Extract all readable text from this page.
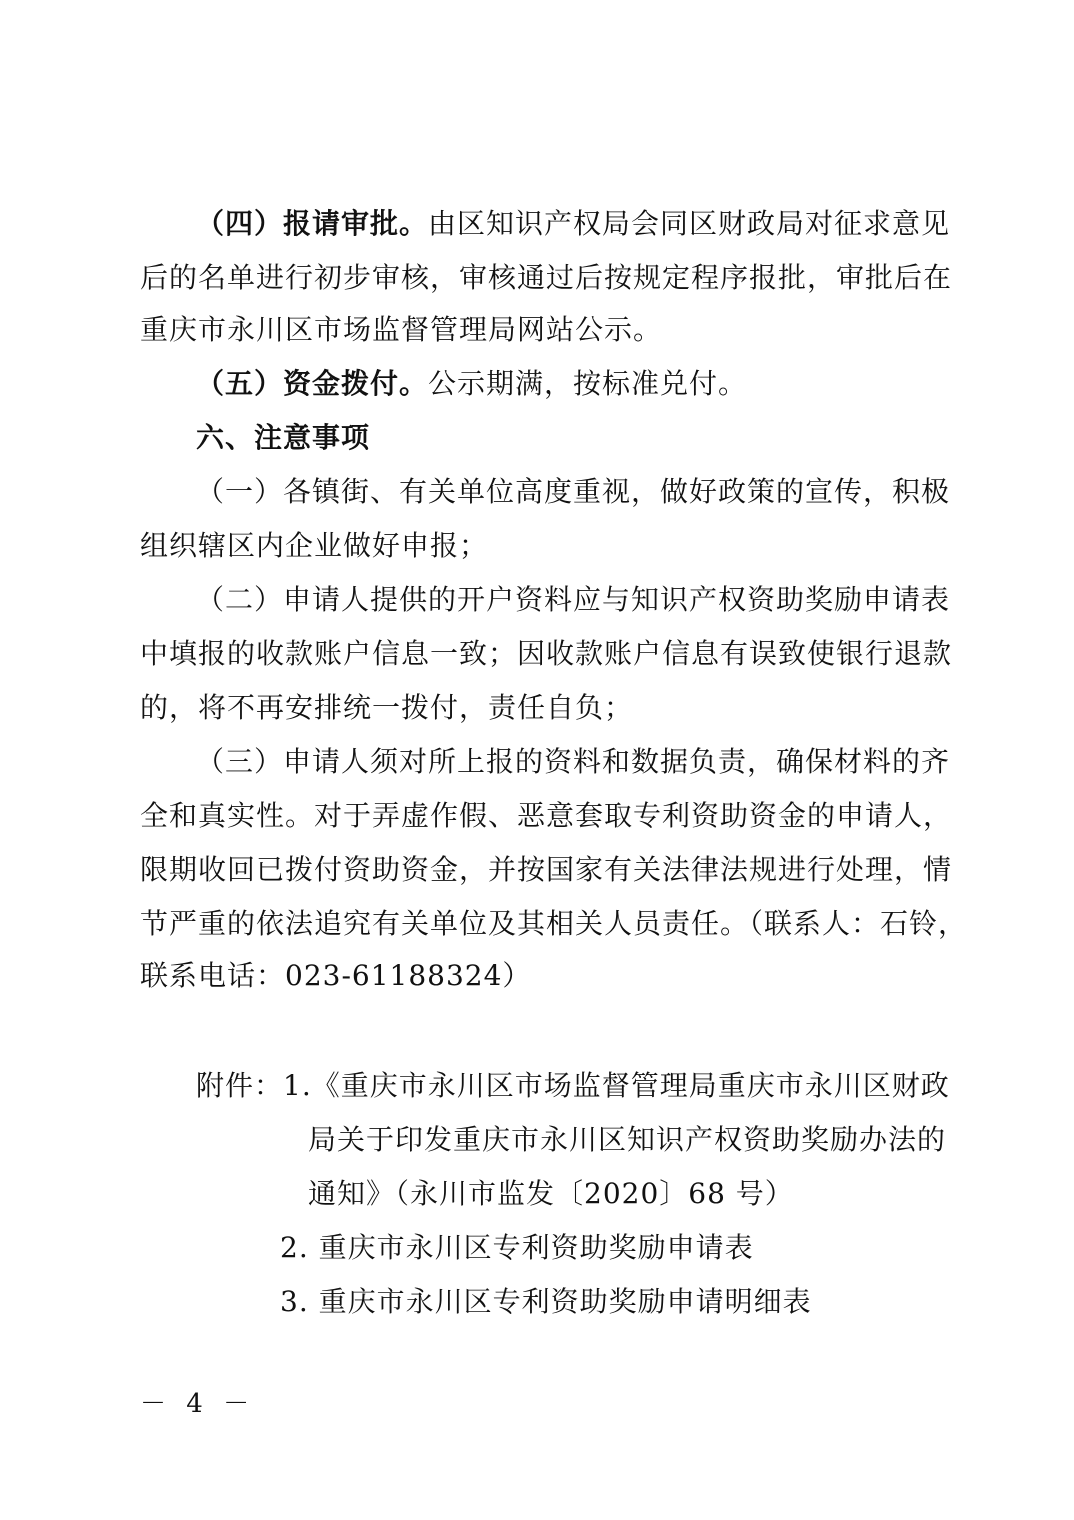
（四）报请审批。由区知识产权局会同区财政局对征求意见
后的名单进行初步审核，审核通过后按规定程序报批，审批后在
重庆市永川区市场监督管理局网站公示。
（五）资金拨付。公示期满，按标准兑付。
六、注意事项
（一）各镇街、有关单位高度重视，做好政策的宣传，积极
组织辖区内企业做好申报；
（二）申请人提供的开户资料应与知识产权资助奖励申请表
中填报的收款账户信息一致；因收款账户信息有误致使银行退款
的，将不再安排统一拨付，责任自负；
（三）申请人须对所上报的资料和数据负责，确保材料的齐
全和真实性。对于弄虚作假、恶意套取专利资助资金的申请人，
限期收回已拨付资助资金，并按国家有关法律法规进行处理，情
节严重的依法追究有关单位及其相关人员责任。（联系人：石铃，
联系电话：023-61188324）
附件：1.《重庆市永川区市场监督管理局重庆市永川区财政
局关于印发重庆市永川区知识产权资助奖励办法的
通知》（永川市监发〔2020〕68 号）
2. 重庆市永川区专利资助奖励申请表
3. 重庆市永川区专利资助奖励申请明细表
－ 4 －
